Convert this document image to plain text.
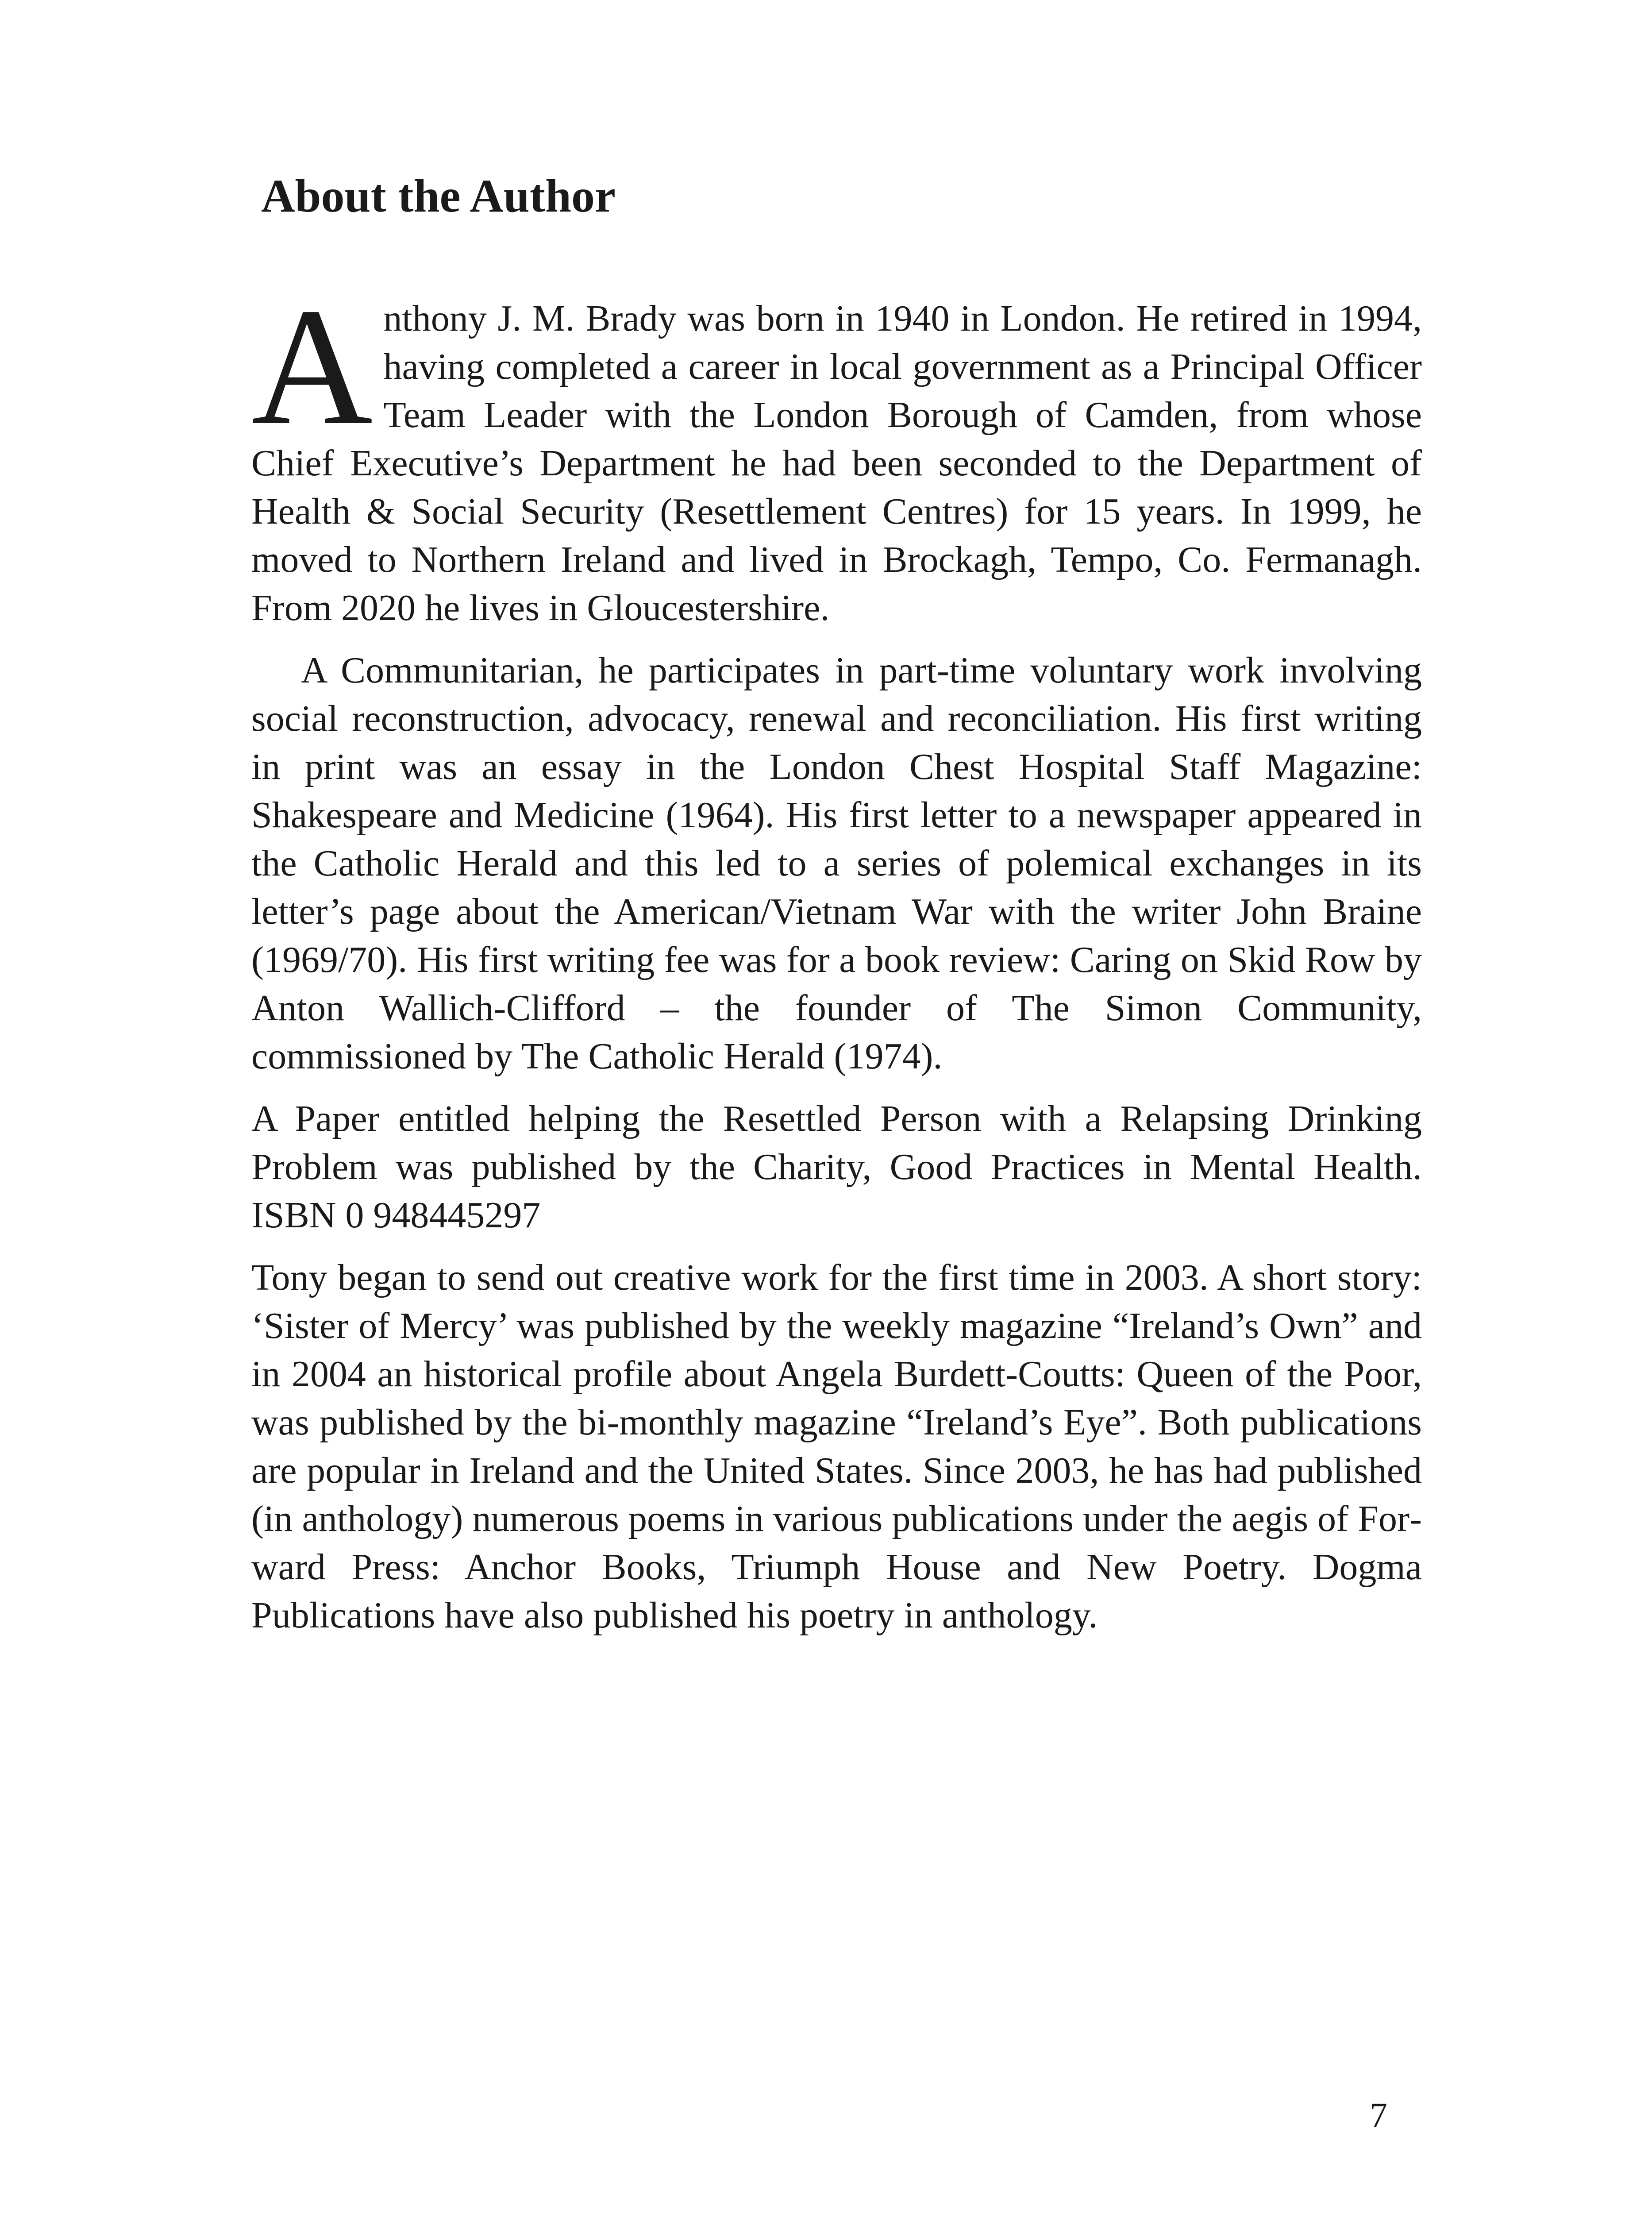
About the Author

Anthony J. M. Brady was born in 1940 in London. He retired in 1994, having completed a career in local government as a Principal Officer Team Leader with the London Borough of Camden, from whose Chief Executive’s Department he had been seconded to the Department of Health & Social Security (Resettlement Centres) for 15 years. In 1999, he moved to Northern Ireland and lived in Brockagh, Tempo, Co. Fermanagh. From 2020 he lives in Gloucestershire.

A Communitarian, he participates in part-time voluntary work involving social reconstruction, advocacy, renewal and reconciliation. His first writing in print was an essay in the London Chest Hospital Staff Magazine: Shakespeare and Medicine (1964). His first letter to a newspaper appeared in the Catholic Herald and this led to a series of polemical exchanges in its letter’s page about the American/Vietnam War with the writer John Braine (1969/70). His first writing fee was for a book review: Caring on Skid Row by Anton Wallich-Clifford – the founder of The Simon Community, commissioned by The Catholic Herald (1974).

A Paper entitled helping the Resettled Person with a Relapsing Drinking Problem was published by the Charity, Good Practices in Mental Health. ISBN 0 948445297

Tony began to send out creative work for the first time in 2003. A short story: ‘Sister of Mercy’ was published by the weekly magazine “Ireland’s Own” and in 2004 an historical profile about Angela Burdett-Coutts: Queen of the Poor, was published by the bi-monthly magazine “Ireland’s Eye”. Both publications are popular in Ireland and the United States. Since 2003, he has had published (in anthology) numerous poems in various publications under the aegis of Forward Press: Anchor Books, Triumph House and New Poetry. Dogma Publications have also published his poetry in anthology.

7
